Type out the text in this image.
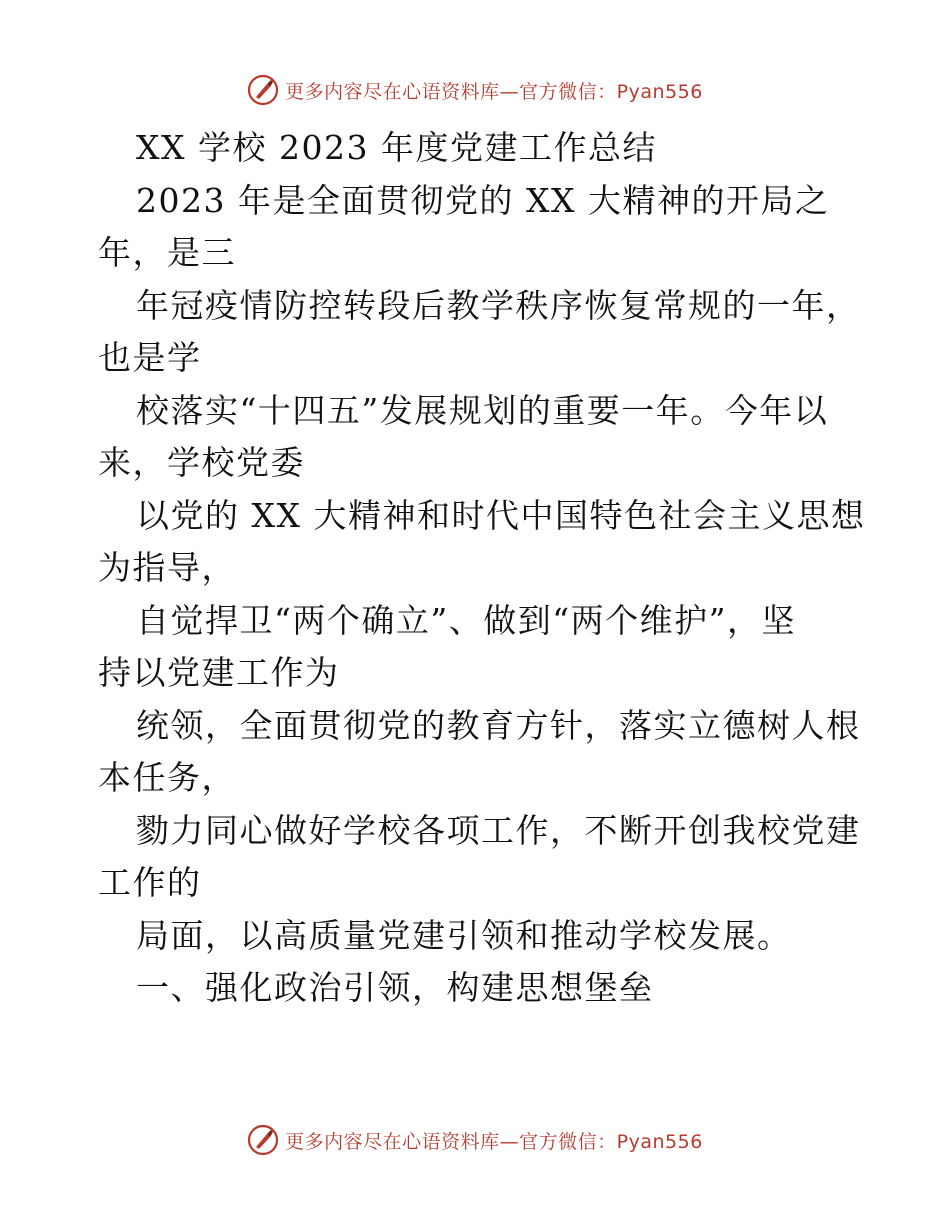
更多内容尽在心语资料库—官方微信：Pyan556
XX 学校 2023 年度党建工作总结
2023 年是全面贯彻党的 XX 大精神的开局之
年，是三
年冠疫情防控转段后教学秩序恢复常规的一年，
也是学
校落实“十四五”发展规划的重要一年。今年以
来，学校党委
以党的 XX 大精神和时代中国特色社会主义思想
为指导，
自觉捍卫“两个确立”、做到“两个维护”，坚
持以党建工作为
统领，全面贯彻党的教育方针，落实立德树人根
本任务，
勠力同心做好学校各项工作，不断开创我校党建
工作的
局面，以高质量党建引领和推动学校发展。
一、强化政治引领，构建思想堡垒
更多内容尽在心语资料库—官方微信：Pyan556
